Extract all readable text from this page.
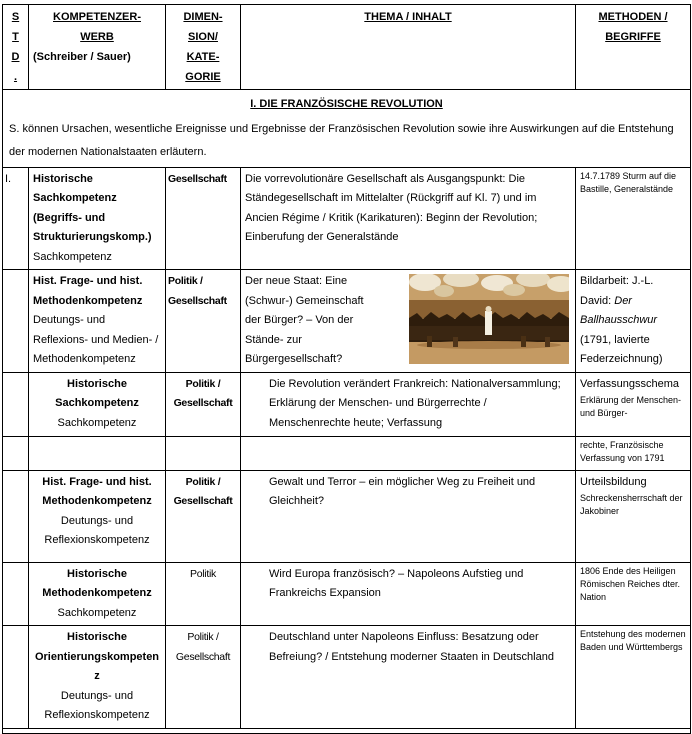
S
T
D
.	KOMPETENZER-
WERB
(Schreiber / Sauer)	DIMEN-
SION/
KATE-
GORIE	THEMA / INHALT	METHODEN /
BEGRIFFE

I. DIE FRANZÖSISCHE REVOLUTION
S. können Ursachen, wesentliche Ereignisse und Ergebnisse der Französischen Revolution sowie ihre Auswirkungen auf die Entstehung der modernen Nationalstaaten erläutern.				

I.	Historische Sachkompetenz (Begriffs- und Strukturierungskomp.)
Sachkompetenz	Gesellschaft	Die vorrevolutionäre Gesellschaft als Ausgangspunkt: Die Ständegesellschaft im Mittelalter (Rückgriff auf Kl. 7) und im Ancien Régime / Kritik (Karikaturen): Beginn der Revolution; Einberufung der Generalstände	14.7.1789 Sturm auf die Bastille, Generalstände

	Hist. Frage- und hist. Methodenkompetenz
Deutungs- und Reflexions- und Medien- / Methodenkompetenz	Politik / Gesellschaft	Der neue Staat: Eine (Schwur-) Gemeinschaft der Bürger? – Von der Stände- zur Bürgergesellschaft?	Bildarbeit: J.-L. David: Der Ballhausschwur (1791, lavierte Federzeichnung)

	Historische Sachkompetenz
Sachkompetenz	Politik / Gesellschaft	Die Revolution verändert Frankreich: Nationalversammlung; Erklärung der Menschen- und Bürgerrechte / Menschenrechte heute; Verfassung	Verfassungsschema
Erklärung der Menschen- und Bürger-

				rechte, Französische Verfassung von 1791

	Hist. Frage- und hist. Methodenkompetenz Deutungs- und Reflexionskompetenz	Politik / Gesellschaft	Gewalt und Terror – ein möglicher Weg zu Freiheit und Gleichheit?	Urteilsbildung
Schreckensherrschaft der Jakobiner

	Historische Methodenkompetenz
Sachkompetenz	Politik	Wird Europa französisch? – Napoleons Aufstieg und Frankreichs Expansion	1806 Ende des Heiligen Römischen Reiches dter. Nation

	Historische Orientierungskompetenz
Deutungs- und Reflexionskompetenz	Politik / Gesellschaft	Deutschland unter Napoleons Einfluss: Besatzung oder Befreiung? / Entstehung moderner Staaten in Deutschland	Entstehung des modernen Baden und Württembergs
